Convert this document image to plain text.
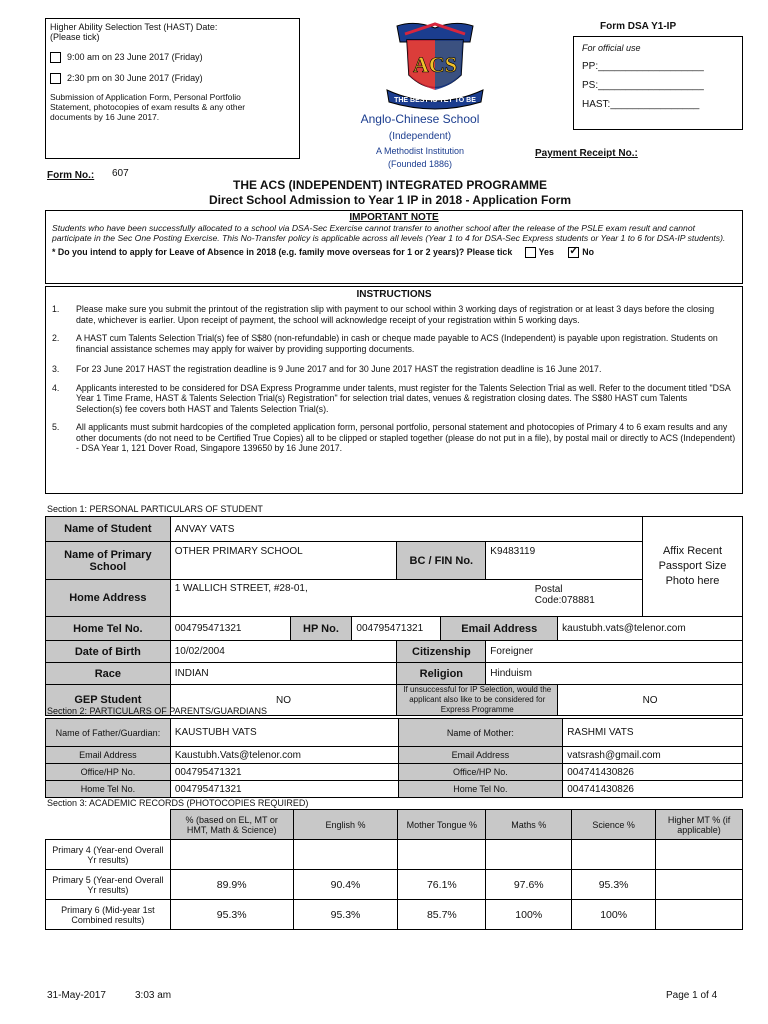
Higher Ability Selection Test (HAST) Date:
(Please tick)
9:00 am on 23 June 2017 (Friday)
2:30 pm on 30 June 2017 (Friday)
Submission of Application Form, Personal Portfolio Statement, photocopies of exam results & any other documents by 16 June 2017.
ACS
THE BEST IS YET TO BE
Anglo-Chinese School
(Independent)
A Methodist Institution
(Founded 1886)
Form DSA Y1-IP
For official use
PP:___________________
PS:___________________
HAST:________________
Payment Receipt No.:
Form No.: 607
THE ACS (INDEPENDENT) INTEGRATED PROGRAMME
Direct School Admission to Year 1 IP in 2018 - Application Form
IMPORTANT NOTE
Students who have been successfully allocated to a school via DSA-Sec Exercise cannot transfer to another school after the release of the PSLE exam result and cannot participate in the Sec One Posting Exercise. This No-Transfer policy is applicable across all levels (Year 1 to 4 for DSA-Sec Express students or Year 1 to 6 for DSA-IP students).
* Do you intend to apply for Leave of Absence in 2018 (e.g. family move overseas for 1 or 2 years)? Please tick	Yes ✓ No
INSTRUCTIONS
1.	Please make sure you submit the printout of the registration slip with payment to our school within 3 working days of registration or at least 3 days before the closing date, whichever is earlier. Upon receipt of payment, the school will acknowledge receipt of your registration within 5 working days.
2.	A HAST cum Talents Selection Trial(s) fee of S$80 (non-refundable) in cash or cheque made payable to ACS (Independent) is payable upon registration. Students on financial assistance schemes may apply for waiver by providing supporting documents.
3.	For 23 June 2017 HAST the registration deadline is 9 June 2017 and for 30 June 2017 HAST the registration deadline is 16 June 2017.
4.	Applicants interested to be considered for DSA Express Programme under talents, must register for the Talents Selection Trial as well. Refer to the document titled "DSA Year 1 Time Frame, HAST & Talents Selection Trial(s) Registration" for selection trial dates, venues & registration closing dates. The S$80 HAST cum Talents Selection(s) fee covers both HAST and Talents Selection Trial(s).
5.	All applicants must submit hardcopies of the completed application form, personal portfolio, personal statement and photocopies of Primary 4 to 6 exam results and any other documents (do not need to be Certified True Copies) all to be clipped or stapled together (please do not put in a file), by postal mail or directly to ACS (Independent) - DSA Year 1, 121 Dover Road, Singapore 139650 by 16 June 2017.
Section 1: PERSONAL PARTICULARS OF STUDENT
Name of Student	ANVAY VATS							Affix Recent Passport Size Photo here
Name of Primary School	OTHER PRIMARY SCHOOL			BC / FIN No.		K9483119		
Home Address	1 WALLICH STREET, #28-01, Postal Code:078881							

Home Tel No.	004795471321	HP No.	004795471321		Email Address		kaustubh.vats@telenor.com	
Date of Birth	10/02/2004			Citizenship		Foreigner		
Race	INDIAN			Religion		Hinduism		
GEP Student	NO			If unsuccessful for IP Selection, would the applicant also like to be considered for Express Programme			NO	
Section 2: PARTICULARS OF PARENTS/GUARDIANS
Name of Father/Guardian:	KAUSTUBH VATS	Name of Mother:	RASHMI VATS
Email Address	Kaustubh.Vats@telenor.com	Email Address	vatsrash@gmail.com
Office/HP No.	004795471321	Office/HP No.	004741430826
Home Tel No.	004795471321	Home Tel No.	004741430826
Section 3: ACADEMIC RECORDS (PHOTOCOPIES REQUIRED)
	% (based on EL, MT or HMT, Math & Science)	English %	Mother Tongue %	Maths %	Science %	Higher MT % (if applicable)
Primary 4 (Year-end Overall Yr results)						
Primary 5 (Year-end Overall Yr results)	89.9%	90.4%	76.1%	97.6%	95.3%	
Primary 6 (Mid-year 1st Combined results)	95.3%	95.3%	85.7%	100%	100%	
31-May-2017	3:03 am	Page 1 of 4
